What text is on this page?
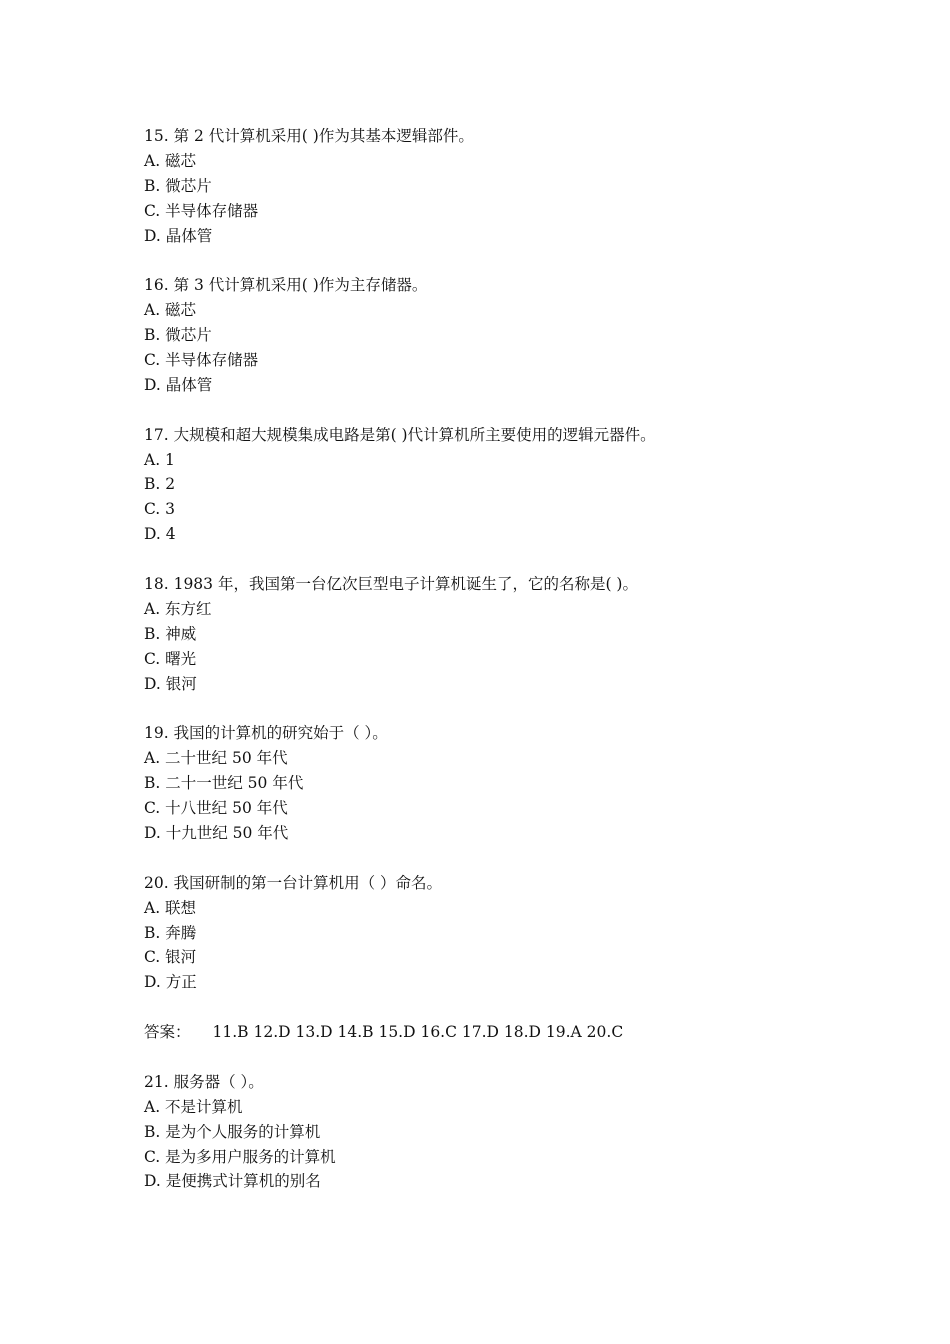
15. 第 2 代计算机采用( )作为其基本逻辑部件。
A. 磁芯
B. 微芯片
C. 半导体存储器
D. 晶体管
16. 第 3 代计算机采用( )作为主存储器。
A. 磁芯
B. 微芯片
C. 半导体存储器
D. 晶体管
17. 大规模和超大规模集成电路是第( )代计算机所主要使用的逻辑元器件。
A. 1
B. 2
C. 3
D. 4
18. 1983 年，我国第一台亿次巨型电子计算机诞生了，它的名称是( )。
A. 东方红
B. 神威
C. 曙光
D. 银河
19. 我国的计算机的研究始于（ ）。
A. 二十世纪 50 年代
B. 二十一世纪 50 年代
C. 十八世纪 50 年代
D. 十九世纪 50 年代
20. 我国研制的第一台计算机用（ ）命名。
A. 联想
B. 奔腾
C. 银河
D. 方正
答案： 11.B 12.D 13.D 14.B 15.D 16.C 17.D 18.D 19.A 20.C
21. 服务器（ ）。
A. 不是计算机
B. 是为个人服务的计算机
C. 是为多用户服务的计算机
D. 是便携式计算机的别名
